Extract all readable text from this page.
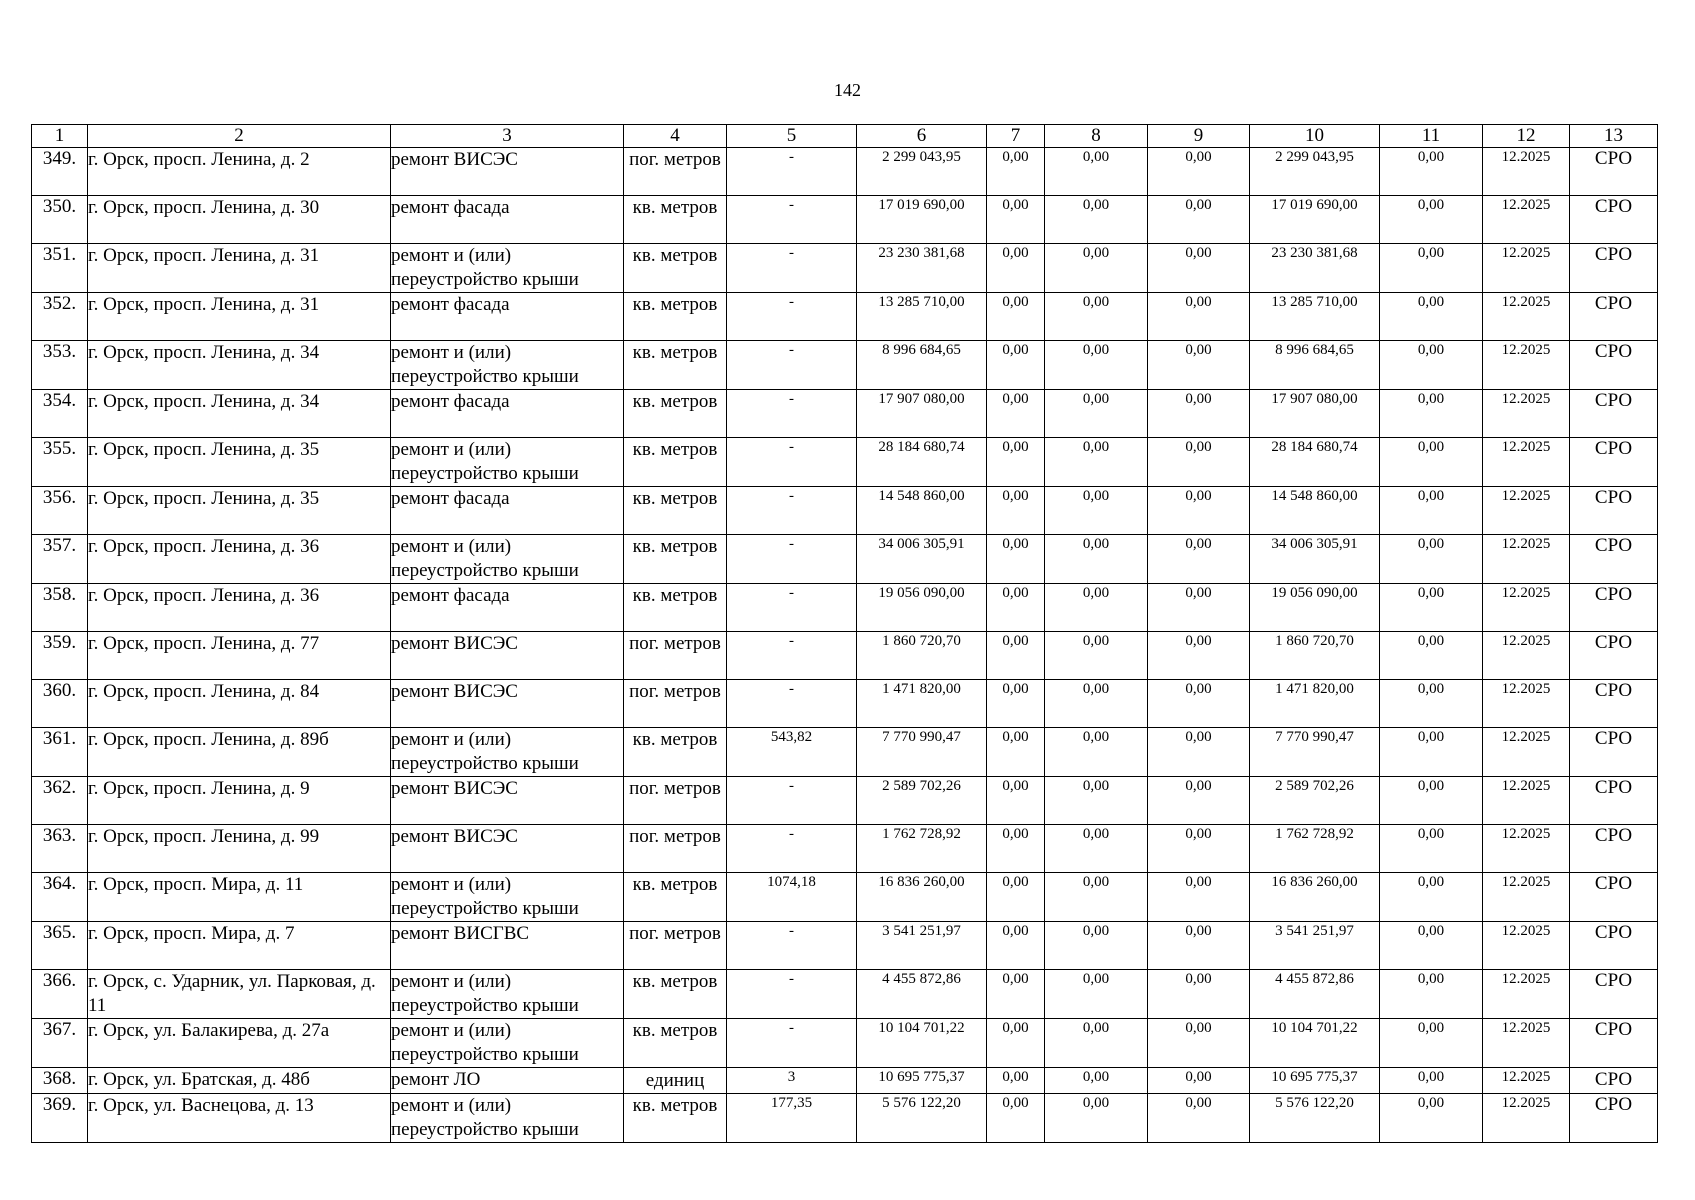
142
1	2	3	4	5	6	7	8	9	10	11	12	13
349.	г. Орск, просп. Ленина, д. 2	ремонт ВИСЭС	пог. метров	-	2 299 043,95	0,00	0,00	0,00	2 299 043,95	0,00	12.2025	СРО
350.	г. Орск, просп. Ленина, д. 30	ремонт фасада	кв. метров	-	17 019 690,00	0,00	0,00	0,00	17 019 690,00	0,00	12.2025	СРО
351.	г. Орск, просп. Ленина, д. 31	ремонт и (или) переустройство крыши	кв. метров	-	23 230 381,68	0,00	0,00	0,00	23 230 381,68	0,00	12.2025	СРО
352.	г. Орск, просп. Ленина, д. 31	ремонт фасада	кв. метров	-	13 285 710,00	0,00	0,00	0,00	13 285 710,00	0,00	12.2025	СРО
353.	г. Орск, просп. Ленина, д. 34	ремонт и (или) переустройство крыши	кв. метров	-	8 996 684,65	0,00	0,00	0,00	8 996 684,65	0,00	12.2025	СРО
354.	г. Орск, просп. Ленина, д. 34	ремонт фасада	кв. метров	-	17 907 080,00	0,00	0,00	0,00	17 907 080,00	0,00	12.2025	СРО
355.	г. Орск, просп. Ленина, д. 35	ремонт и (или) переустройство крыши	кв. метров	-	28 184 680,74	0,00	0,00	0,00	28 184 680,74	0,00	12.2025	СРО
356.	г. Орск, просп. Ленина, д. 35	ремонт фасада	кв. метров	-	14 548 860,00	0,00	0,00	0,00	14 548 860,00	0,00	12.2025	СРО
357.	г. Орск, просп. Ленина, д. 36	ремонт и (или) переустройство крыши	кв. метров	-	34 006 305,91	0,00	0,00	0,00	34 006 305,91	0,00	12.2025	СРО
358.	г. Орск, просп. Ленина, д. 36	ремонт фасада	кв. метров	-	19 056 090,00	0,00	0,00	0,00	19 056 090,00	0,00	12.2025	СРО
359.	г. Орск, просп. Ленина, д. 77	ремонт ВИСЭС	пог. метров	-	1 860 720,70	0,00	0,00	0,00	1 860 720,70	0,00	12.2025	СРО
360.	г. Орск, просп. Ленина, д. 84	ремонт ВИСЭС	пог. метров	-	1 471 820,00	0,00	0,00	0,00	1 471 820,00	0,00	12.2025	СРО
361.	г. Орск, просп. Ленина, д. 89б	ремонт и (или) переустройство крыши	кв. метров	543,82	7 770 990,47	0,00	0,00	0,00	7 770 990,47	0,00	12.2025	СРО
362.	г. Орск, просп. Ленина, д. 9	ремонт ВИСЭС	пог. метров	-	2 589 702,26	0,00	0,00	0,00	2 589 702,26	0,00	12.2025	СРО
363.	г. Орск, просп. Ленина, д. 99	ремонт ВИСЭС	пог. метров	-	1 762 728,92	0,00	0,00	0,00	1 762 728,92	0,00	12.2025	СРО
364.	г. Орск, просп. Мира, д. 11	ремонт и (или) переустройство крыши	кв. метров	1074,18	16 836 260,00	0,00	0,00	0,00	16 836 260,00	0,00	12.2025	СРО
365.	г. Орск, просп. Мира, д. 7	ремонт ВИСГВС	пог. метров	-	3 541 251,97	0,00	0,00	0,00	3 541 251,97	0,00	12.2025	СРО
366.	г. Орск, с. Ударник, ул. Парковая, д. 11	ремонт и (или) переустройство крыши	кв. метров	-	4 455 872,86	0,00	0,00	0,00	4 455 872,86	0,00	12.2025	СРО
367.	г. Орск, ул. Балакирева, д. 27а	ремонт и (или) переустройство крыши	кв. метров	-	10 104 701,22	0,00	0,00	0,00	10 104 701,22	0,00	12.2025	СРО
368.	г. Орск, ул. Братская, д. 48б	ремонт ЛО	единиц	3	10 695 775,37	0,00	0,00	0,00	10 695 775,37	0,00	12.2025	СРО
369.	г. Орск, ул. Васнецова, д. 13	ремонт и (или) переустройство крыши	кв. метров	177,35	5 576 122,20	0,00	0,00	0,00	5 576 122,20	0,00	12.2025	СРО
